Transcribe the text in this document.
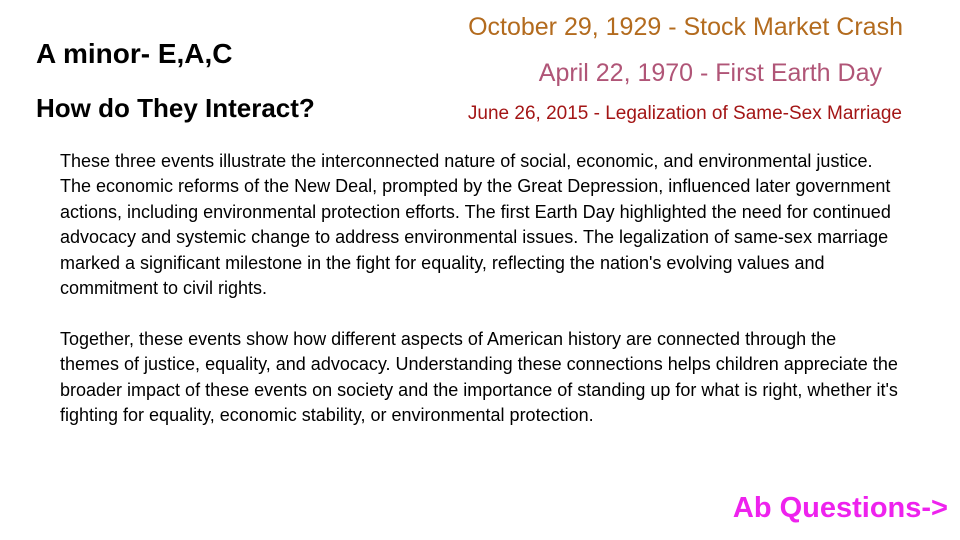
A minor- E,A,C
How do They Interact?
October 29, 1929 - Stock Market Crash
April 22, 1970 - First Earth Day
June 26, 2015 - Legalization of Same-Sex Marriage

These three events illustrate the interconnected nature of social, economic, and environmental justice. The economic reforms of the New Deal, prompted by the Great Depression, influenced later government actions, including environmental protection efforts. The first Earth Day highlighted the need for continued advocacy and systemic change to address environmental issues. The legalization of same-sex marriage marked a significant milestone in the fight for equality, reflecting the nation's evolving values and commitment to civil rights.

Together, these events show how different aspects of American history are connected through the themes of justice, equality, and advocacy. Understanding these connections helps children appreciate the broader impact of these events on society and the importance of standing up for what is right, whether it's fighting for equality, economic stability, or environmental protection.

Ab Questions->
